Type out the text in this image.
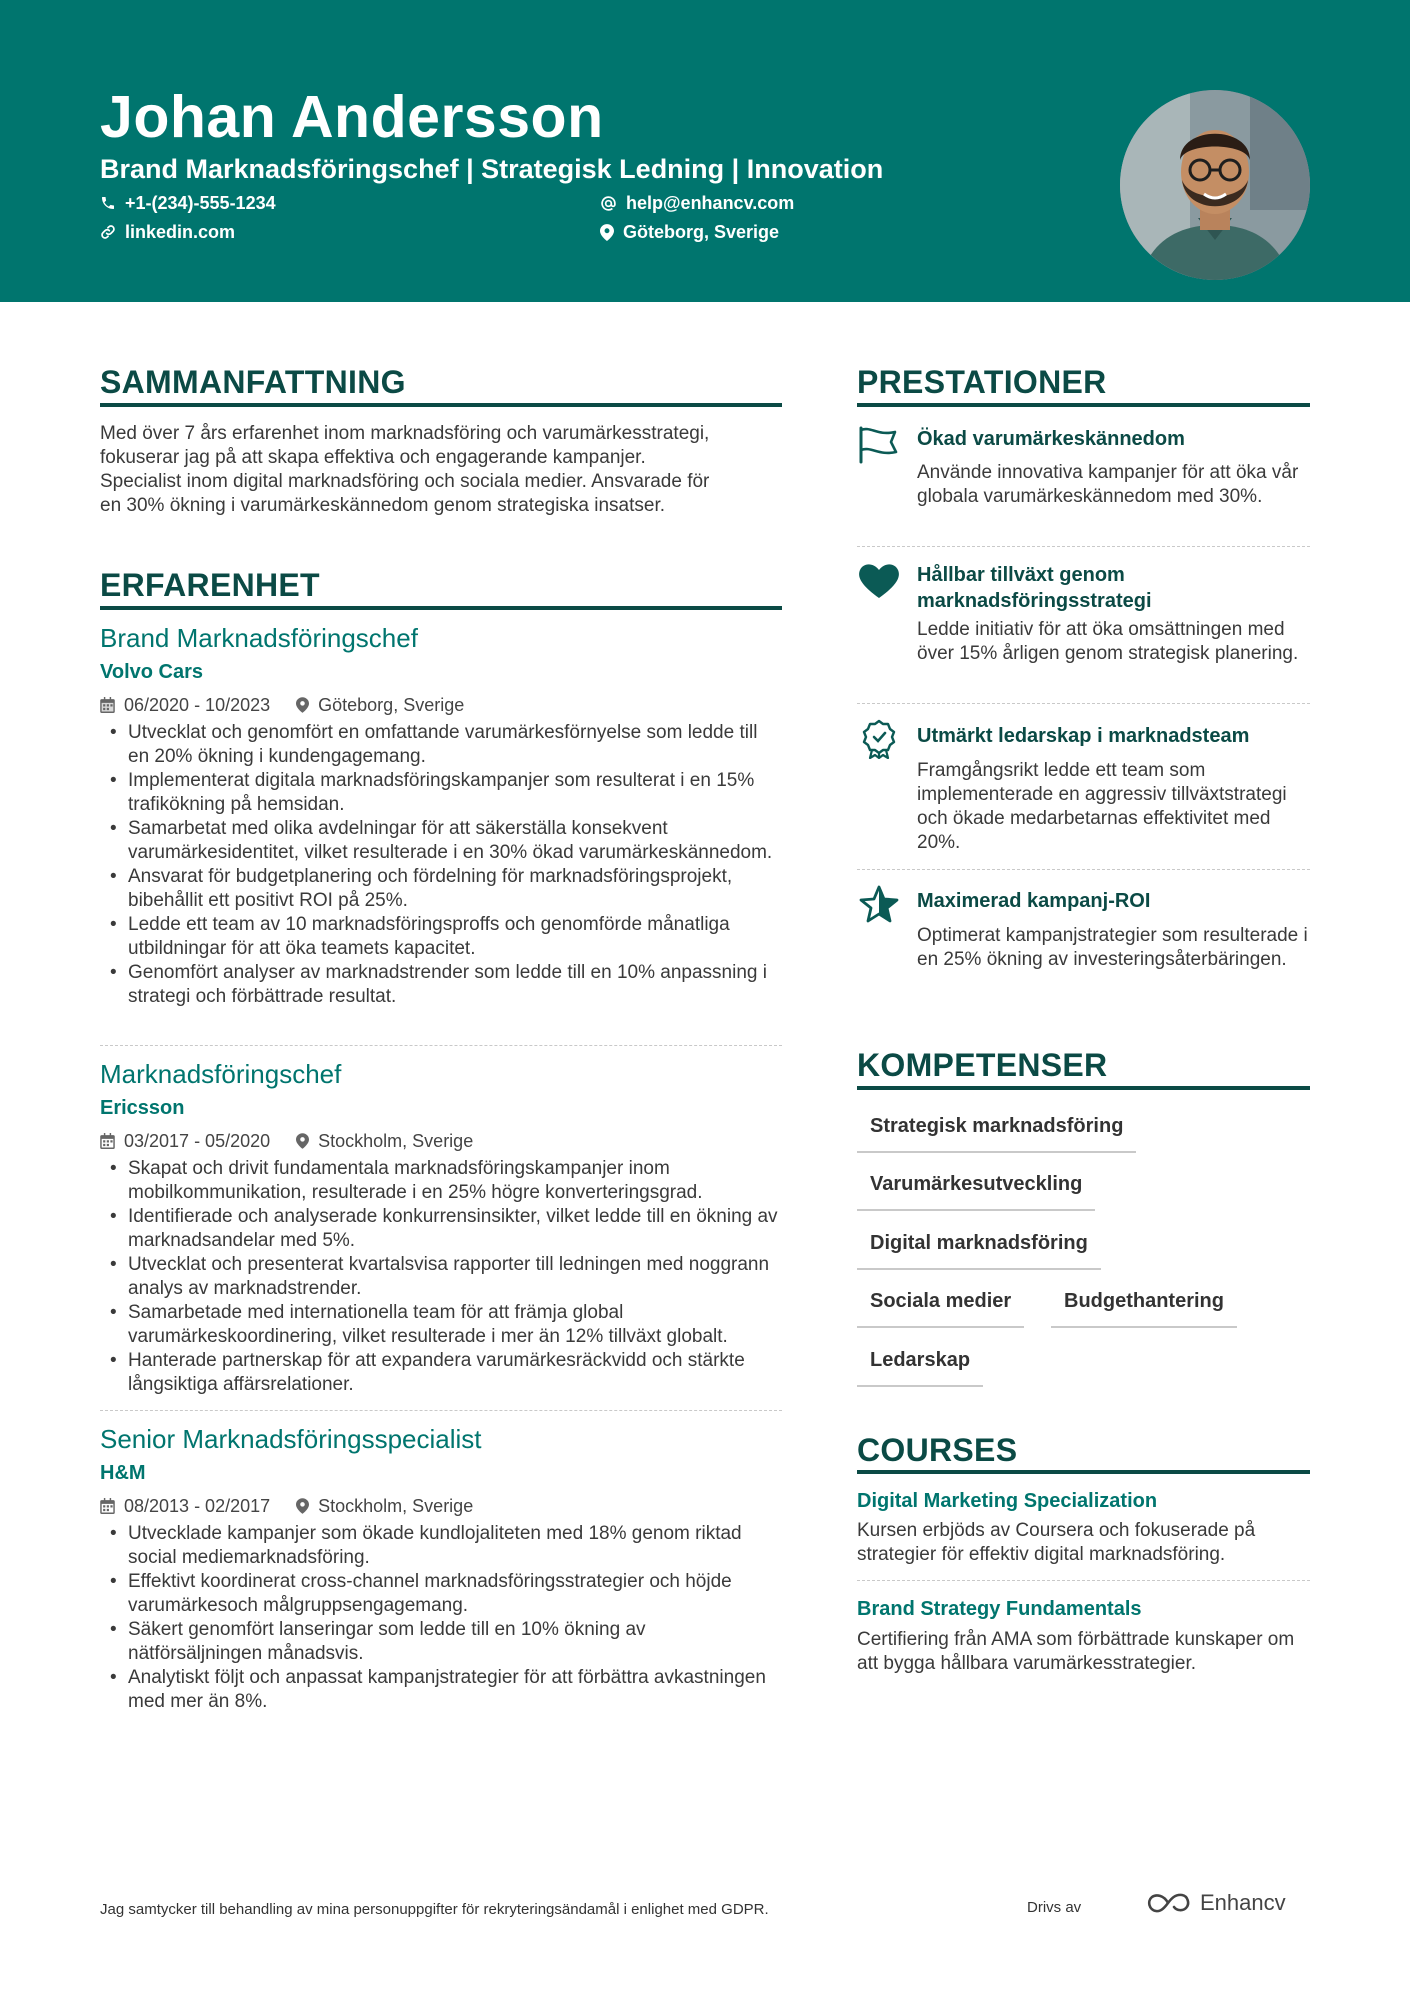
Johan Andersson
Brand Marknadsföringschef | Strategisk Ledning | Innovation
+1-(234)-555-1234	help@enhancv.com
linkedin.com	Göteborg, Sverige
SAMMANFATTNING
Med över 7 års erfarenhet inom marknadsföring och varumärkesstrategi,
fokuserar jag på att skapa effektiva och engagerande kampanjer.
Specialist inom digital marknadsföring och sociala medier. Ansvarade för
en 30% ökning i varumärkeskännedom genom strategiska insatser.
ERFARENHET
Brand Marknadsföringschef
Volvo Cars
06/2020 - 10/2023	Göteborg, Sverige
• Utvecklat och genomfört en omfattande varumärkesförnyelse som ledde till en 20% ökning i kundengagemang.
• Implementerat digitala marknadsföringskampanjer som resulterat i en 15% trafikökning på hemsidan.
• Samarbetat med olika avdelningar för att säkerställa konsekvent varumärkesidentitet, vilket resulterade i en 30% ökad varumärkeskännedom.
• Ansvarat för budgetplanering och fördelning för marknadsföringsprojekt, bibehållit ett positivt ROI på 25%.
• Ledde ett team av 10 marknadsföringsproffs och genomförde månatliga utbildningar för att öka teamets kapacitet.
• Genomfört analyser av marknadstrender som ledde till en 10% anpassning i strategi och förbättrade resultat.
Marknadsföringschef
Ericsson
03/2017 - 05/2020	Stockholm, Sverige
• Skapat och drivit fundamentala marknadsföringskampanjer inom mobilkommunikation, resulterade i en 25% högre konverteringsgrad.
• Identifierade och analyserade konkurrensinsikter, vilket ledde till en ökning av marknadsandelar med 5%.
• Utvecklat och presenterat kvartalsvisa rapporter till ledningen med noggrann analys av marknadstrender.
• Samarbetade med internationella team för att främja global varumärkeskoordinering, vilket resulterade i mer än 12% tillväxt globalt.
• Hanterade partnerskap för att expandera varumärkesräckvidd och stärkte långsiktiga affärsrelationer.
Senior Marknadsföringsspecialist
H&M
08/2013 - 02/2017	Stockholm, Sverige
• Utvecklade kampanjer som ökade kundlojaliteten med 18% genom riktad social mediemarknadsföring.
• Effektivt koordinerat cross-channel marknadsföringsstrategier och höjde varumärkesoch målgruppsengagemang.
• Säkert genomfört lanseringar som ledde till en 10% ökning av nätförsäljningen månadsvis.
• Analytiskt följt och anpassat kampanjstrategier för att förbättra avkastningen med mer än 8%.
PRESTATIONER
Ökad varumärkeskännedom
Använde innovativa kampanjer för att öka vår globala varumärkeskännedom med 30%.
Hållbar tillväxt genom marknadsföringsstrategi
Ledde initiativ för att öka omsättningen med över 15% årligen genom strategisk planering.
Utmärkt ledarskap i marknadsteam
Framgångsrikt ledde ett team som implementerade en aggressiv tillväxtstrategi och ökade medarbetarnas effektivitet med 20%.
Maximerad kampanj-ROI
Optimerat kampanjstrategier som resulterade i en 25% ökning av investeringsåterbäringen.
KOMPETENSER
Strategisk marknadsföring
Varumärkesutveckling
Digital marknadsföring
Sociala medier	Budgethantering
Ledarskap
COURSES
Digital Marketing Specialization
Kursen erbjöds av Coursera och fokuserade på strategier för effektiv digital marknadsföring.
Brand Strategy Fundamentals
Certifiering från AMA som förbättrade kunskaper om att bygga hållbara varumärkesstrategier.
Jag samtycker till behandling av mina personuppgifter för rekryteringsändamål i enlighet med GDPR.	Drivs av	Enhancv
